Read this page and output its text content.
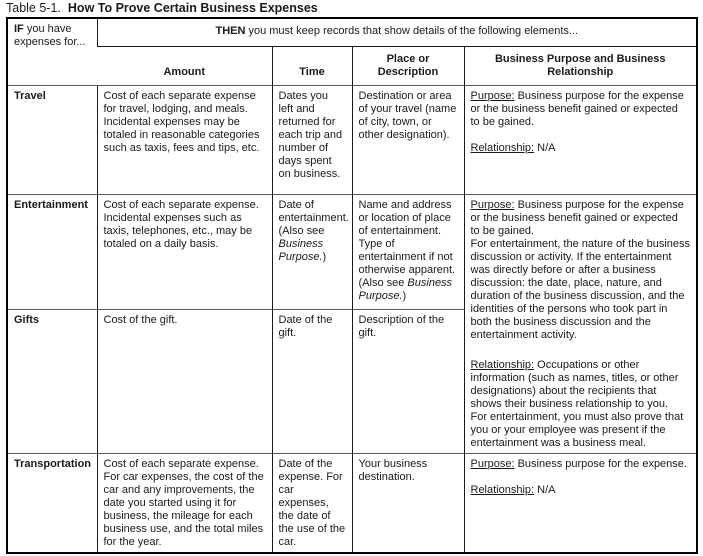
Table 5-1. How To Prove Certain Business Expenses
IF you have expenses for...	THEN you must keep records that show details of the following elements...			

	Amount	Time	Place or Description	Business Purpose and Business Relationship

Travel	Cost of each separate expense for travel, lodging, and meals. Incidental expenses may be totaled in reasonable categories such as taxis, fees and tips, etc.	Dates you left and returned for each trip and number of days spent on business.	Destination or area of your travel (name of city, town, or other designation).	Purpose: Business purpose for the expense or the business benefit gained or expected to be gained.
Relationship: N/A

Entertainment	Cost of each separate expense. Incidental expenses such as taxis, telephones, etc., may be totaled on a daily basis.	Date of entertainment. (Also see Business Purpose.)	Name and address or location of place of entertainment. Type of entertainment if not otherwise apparent. (Also see Business Purpose.)	Purpose: Business purpose for the expense or the business benefit gained or expected to be gained.
For entertainment, the nature of the business discussion or activity. If the entertainment was directly before or after a business discussion: the date, place, nature, and duration of the business discussion, and the identities of the persons who took part in both the business discussion and the entertainment activity.
Relationship: Occupations or other information (such as names, titles, or other designations) about the recipients that shows their business relationship to you.
For entertainment, you must also prove that you or your employee was present if the entertainment was a business meal.

Gifts	Cost of the gift.	Date of the gift.	Description of the gift.	

Transportation	Cost of each separate expense. For car expenses, the cost of the car and any improvements, the date you started using it for business, the mileage for each business use, and the total miles for the year.	Date of the expense. For car expenses, the date of the use of the car.	Your business destination.	Purpose: Business purpose for the expense.
Relationship: N/A
